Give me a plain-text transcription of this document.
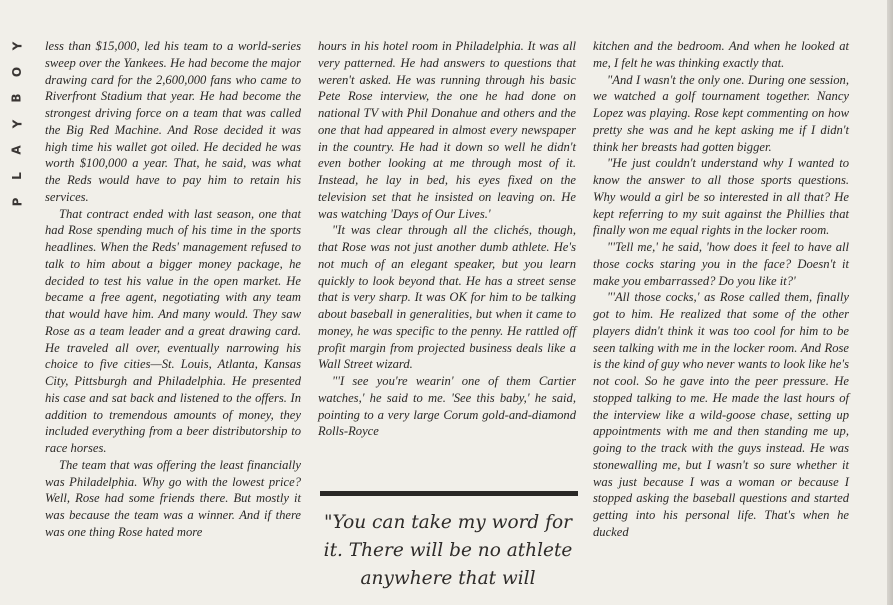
Y
O
B
Y
A
L
P

less than $15,000, led his team to a world-series sweep over the Yankees. He had become the major drawing card for the 2,600,000 fans who came to Riverfront Stadium that year. He had become the strongest driving force on a team that was called the Big Red Machine. And Rose decided it was high time his wallet got oiled. He decided he was worth $100,000 a year. That, he said, was what the Reds would have to pay him to retain his services.

That contract ended with last season, one that had Rose spending much of his time in the sports headlines. When the Reds' management refused to talk to him about a bigger money package, he decided to test his value in the open market. He became a free agent, negotiating with any team that would have him. And many would. They saw Rose as a team leader and a great drawing card. He traveled all over, eventually narrowing his choice to five cities—St. Louis, Atlanta, Kansas City, Pittsburgh and Philadelphia. He presented his case and sat back and listened to the offers. In addition to tremendous amounts of money, they included everything from a beer distributorship to race horses.

The team that was offering the least financially was Philadelphia. Why go with the lowest price? Well, Rose had some friends there. But mostly it was because the team was a winner. And if there was one thing Rose hated more

hours in his hotel room in Philadelphia. It was all very patterned. He had answers to questions that weren't asked. He was running through his basic Pete Rose interview, the one he had done on national TV with Phil Donahue and others and the one that had appeared in almost every newspaper in the country. He had it down so well he didn't even bother looking at me through most of it. Instead, he lay in bed, his eyes fixed on the television set that he insisted on leaving on. He was watching 'Days of Our Lives.'

"It was clear through all the clichés, though, that Rose was not just another dumb athlete. He's not much of an elegant speaker, but you learn quickly to look beyond that. He has a street sense that is very sharp. It was OK for him to be talking about baseball in generalities, but when it came to money, he was specific to the penny. He rattled off profit margin from projected business deals like a Wall Street wizard.

"'I see you're wearin' one of them Cartier watches,' he said to me. 'See this baby,' he said, pointing to a very large Corum gold-and-diamond Rolls-Royce

"You can take my word for it. There will be no athlete anywhere that will

kitchen and the bedroom. And when he looked at me, I felt he was thinking exactly that.

"And I wasn't the only one. During one session, we watched a golf tournament together. Nancy Lopez was playing. Rose kept commenting on how pretty she was and he kept asking me if I didn't think her breasts had gotten bigger.

"He just couldn't understand why I wanted to know the answer to all those sports questions. Why would a girl be so interested in all that? He kept referring to my suit against the Phillies that finally won me equal rights in the locker room.

"'Tell me,' he said, 'how does it feel to have all those cocks staring you in the face? Doesn't it make you embarrassed? Do you like it?'

"'All those cocks,' as Rose called them, finally got to him. He realized that some of the other players didn't think it was too cool for him to be seen talking with me in the locker room. And Rose is the kind of guy who never wants to look like he's not cool. So he gave into the peer pressure. He stopped talking to me. He made the last hours of the interview like a wild-goose chase, setting up appointments with me and then standing me up, going to the track with the guys instead. He was stonewalling me, but I wasn't so sure whether it was just because I was a woman or because I stopped asking the baseball questions and started getting into his personal life. That's when he ducked
